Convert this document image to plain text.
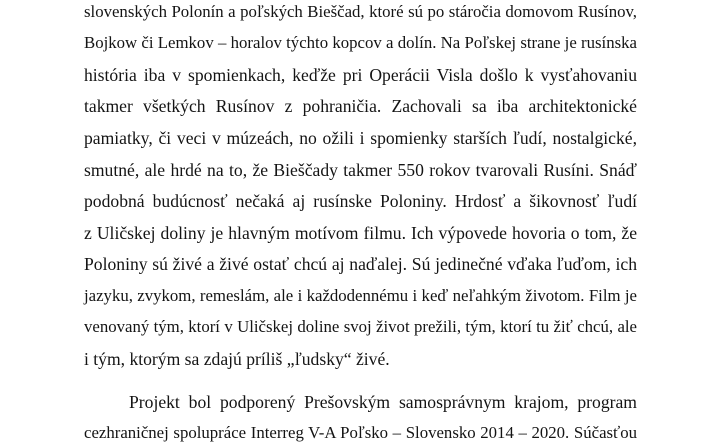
slovenských Polonín a poľských Bieščad, ktoré sú po stáročia domovom Rusínov,
Bojkow či Lemkov – horalov týchto kopcov a dolín. Na Poľskej strane je rusínska
história iba v spomienkach, keďže pri Operácii Visla došlo k vysťahovaniu
takmer všetkých Rusínov z pohraničia. Zachovali sa iba architektonické
pamiatky, či veci v múzeách, no ožili i spomienky starších ľudí, nostalgické,
smutné, ale hrdé na to, že Bieščady takmer 550 rokov tvarovali Rusíni. Snáď
podobná budúcnosť nečaká aj rusínske Poloniny. Hrdosť a šikovnosť ľudí
z Uličskej doliny je hlavným motívom filmu. Ich výpovede hovoria o tom, že
Poloniny sú živé a živé ostať chcú aj naďalej. Sú jedinečné vďaka ľuďom, ich
jazyku, zvykom, remeslám, ale i každodennému i keď neľahkým životom. Film je
venovaný tým, ktorí v Uličskej doline svoj život prežili, tým, ktorí tu žiť chcú, ale
i tým, ktorým sa zdajú príliš „ľudsky“ živé.
Projekt bol podporený Prešovským samosprávnym krajom, program
cezhraničnej spolupráce Interreg V-A Poľsko – Slovensko 2014 – 2020. Súčasťou
